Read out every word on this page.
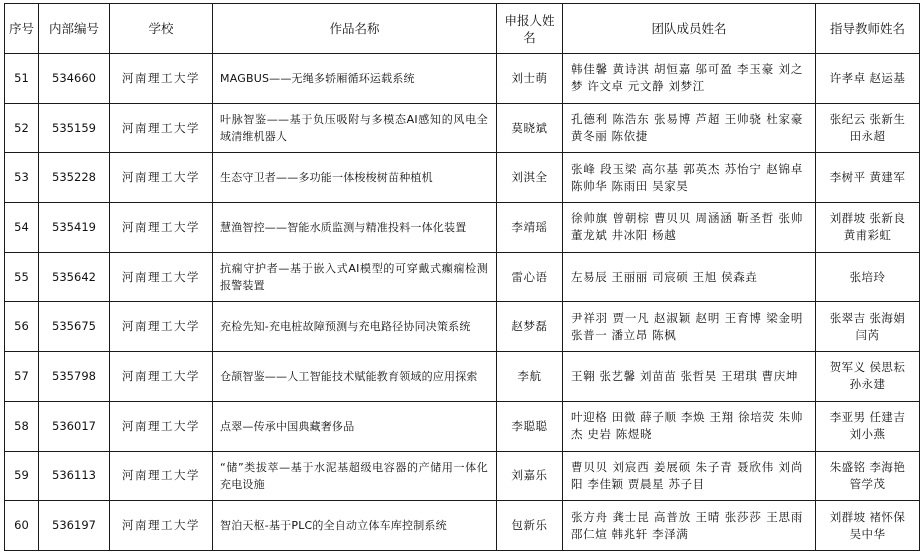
序号	内部编号	学校	作品名称	申报人姓名	团队成员姓名	指导教师姓名
51	534660	河南理工大学	MAGBUS——无绳多轿厢循环运载系统	刘士萌	韩佳馨 黄诗淇 胡恒嘉 邬可盈 李玉豪 刘之梦 许文卓 元文静 刘梦江	许孝卓 赵运基
52	535159	河南理工大学	叶脉智鉴——基于负压吸附与多模态AI感知的风电全域清维机器人	莫晓斌	孔德利 陈浩东 张易博 芦超 王帅骁 杜家豪 黄冬丽 陈依捷	张纪云 张新生 田永超
53	535228	河南理工大学	生态守卫者——多功能一体梭梭树苗种植机	刘淇全	张峰 段玉梁 高尔基 郭英杰 苏怡宁 赵锦卓 陈帅华 陈雨田 吴家昊	李树平 黄建军
54	535419	河南理工大学	慧渔智控——智能水质监测与精准投料一体化装置	李靖瑶	徐帅旗 曾朝棕 曹贝贝 周涵涵 靳圣哲 张帅 董龙斌 井冰阳 杨越	刘群坡 张新良 黄甫彩虹
55	535642	河南理工大学	抗痫守护者—基于嵌入式AI模型的可穿戴式癫痫检测报警装置	雷心语	左易辰 王丽丽 司宸硕 王旭 侯森垚	张培玲
56	535675	河南理工大学	充检先知-充电桩故障预测与充电路径协同决策系统	赵梦磊	尹祥羽 贾一凡 赵淑颖 赵明 王育博 梁金明 张普一 潘立昂 陈枫	张翠吉 张海娟 闫芮
57	535798	河南理工大学	仓颉智鉴——人工智能技术赋能教育领域的应用探索	李航	王翱 张艺馨 刘苗苗 张哲昊 王珺琪 曹庆坤	贺军义 侯思耘 孙永建
58	536017	河南理工大学	点翠—传承中国典藏奢侈品	李聪聪	叶迎格 田微 薛子顺 李焕 王翔 徐培荧 朱帅杰 史岩 陈煜晓	李亚男 任建吉 刘小燕
59	536113	河南理工大学	“储”类拔萃—基于水泥基超级电容器的产储用一体化充电设施	刘嘉乐	曹贝贝 刘宸西 姜展硕 朱子青 聂欣伟 刘尚阳 李佳颖 贾晨星 苏子目	朱盛铭 李海艳 管学茂
60	536197	河南理工大学	智泊天枢-基于PLC的全自动立体车库控制系统	包新乐	张方舟 龚士昆 高普放 王晴 张莎莎 王思雨 邵仁煊 韩兆轩 李泽满	刘群坡 褚怀保 吴中华
